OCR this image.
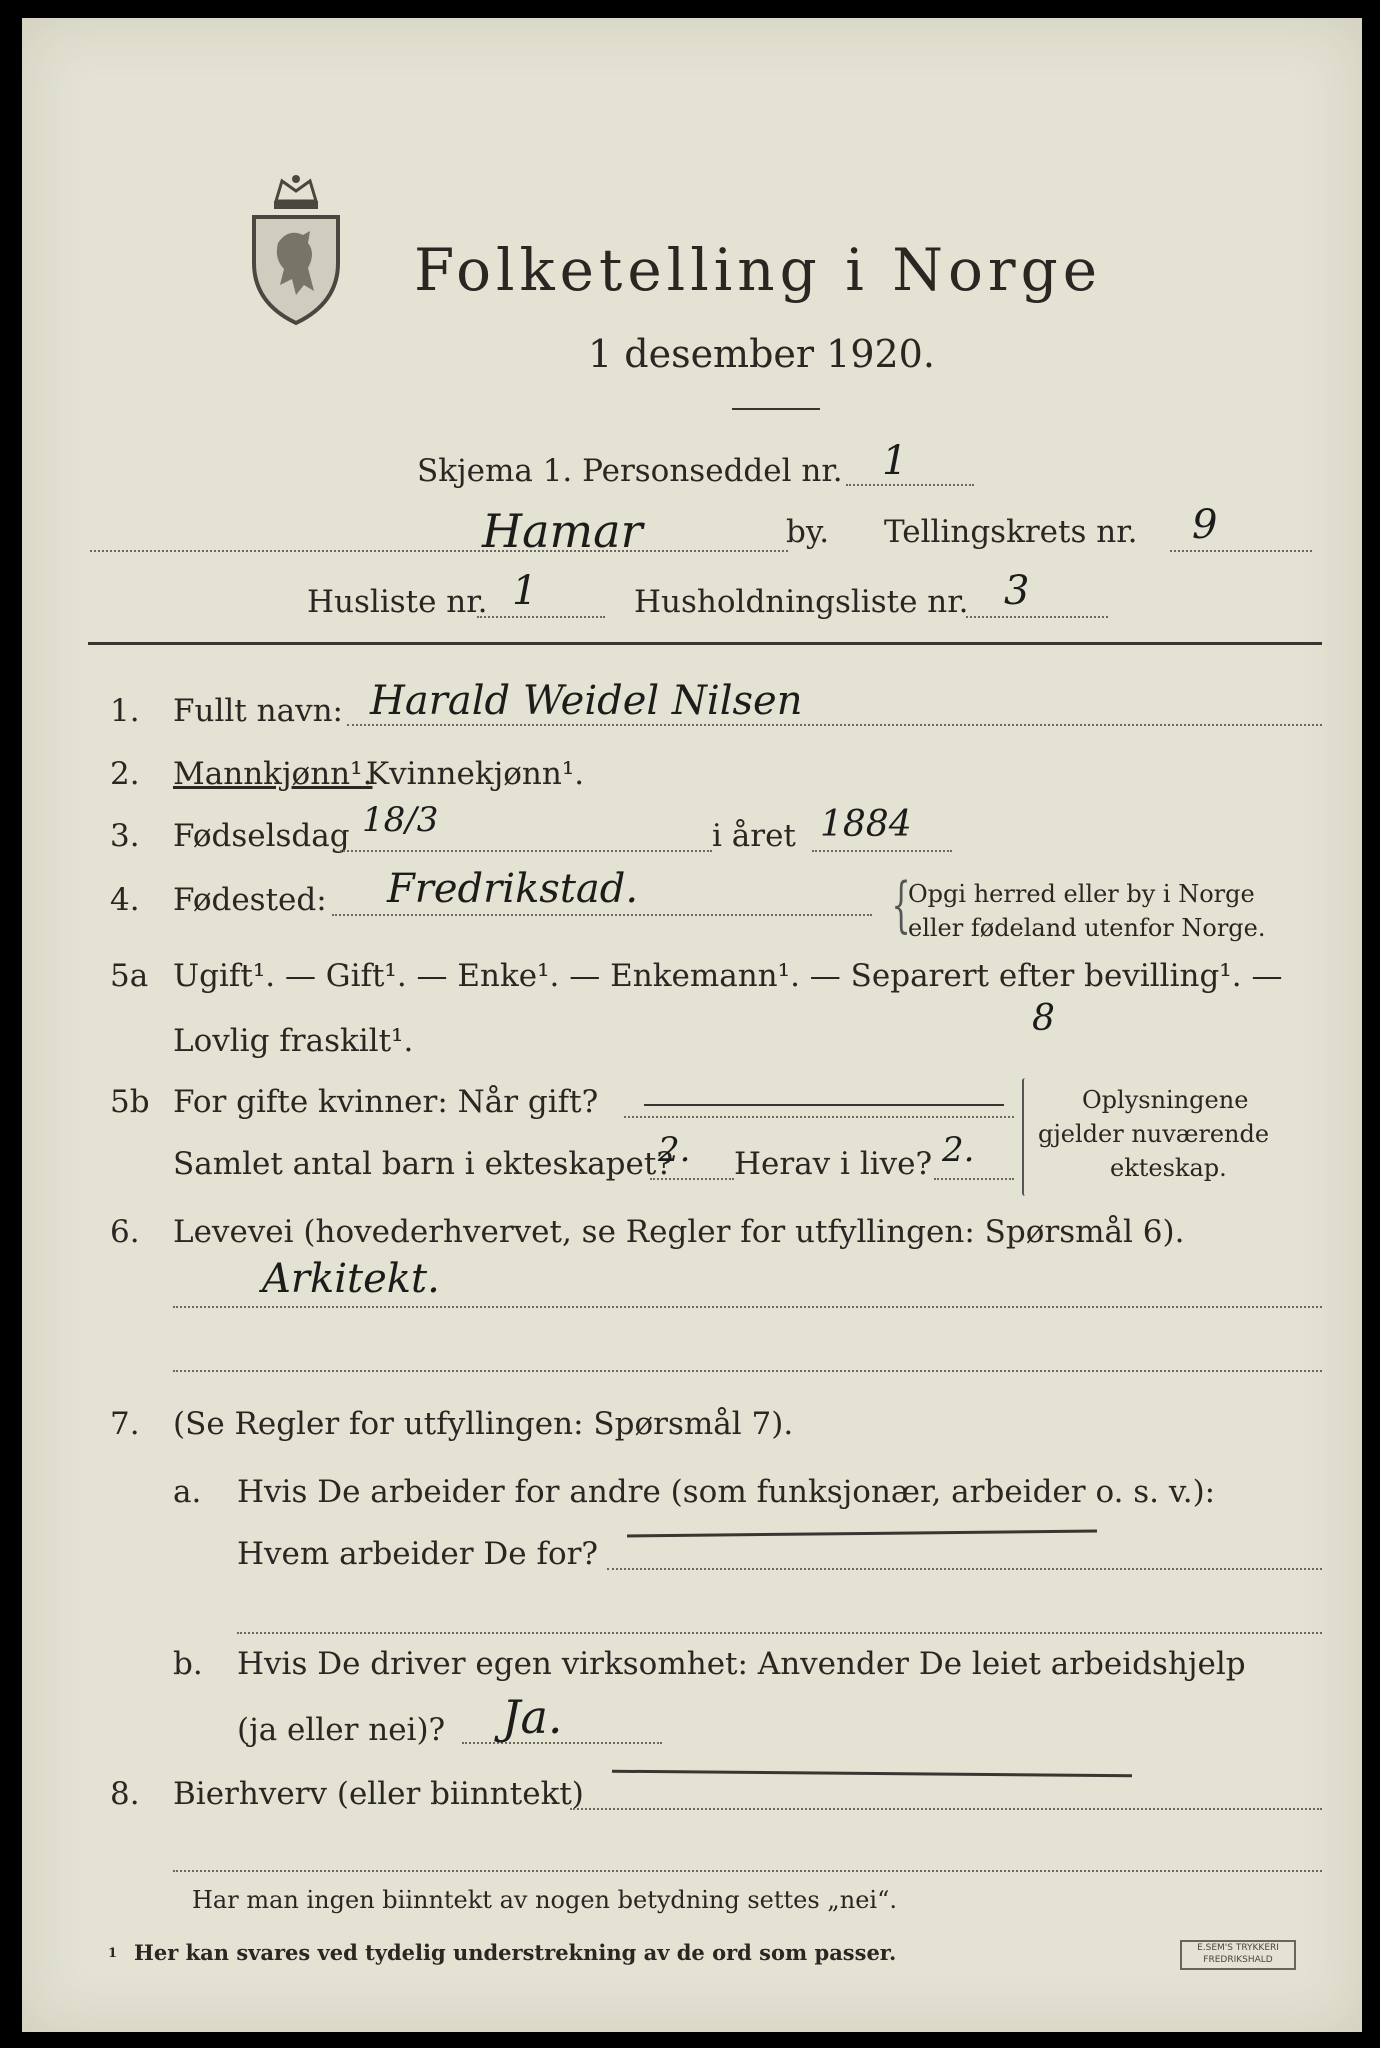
Folketelling i Norge
1 desember 1920.
Skjema 1. Personseddel nr. 1
Hamar	by. Tellingskrets nr. 9
Husliste nr. 1	Husholdningsliste nr. 3
1. Fullt navn: Harald Weidel Nilsen
2. Mannkjønn¹.
Kvinnekjønn¹.
3. Fødselsdag 18/3	i året 1884
4. Fødested: Fredrikstad.	{
Opgi herred eller by i Norge
eller fødeland utenfor Norge.
5a Ugift¹. — Gift¹. — Enke¹. — Enkemann¹. — Separert efter bevilling¹. —
Lovlig fraskilt¹.
8
5b For gifte kvinner: Når gift?
Samlet antal barn i ekteskapet?
2. Herav i live? 2.
Oplysningene
gjelder nuværende
ekteskap.
6. Levevei (hovederhvervet, se Regler for utfyllingen: Spørsmål 6).
Arkitekt.
7. (Se Regler for utfyllingen: Spørsmål 7).
a. Hvis De arbeider for andre (som funksjonær, arbeider o. s. v.):
Hvem arbeider De for?
b. Hvis De driver egen virksomhet: Anvender De leiet arbeidshjelp
(ja eller nei)? Ja.
8. Bierhverv (eller biinntekt)
Har man ingen biinntekt av nogen betydning settes „nei“.
1 Her kan svares ved tydelig understrekning av de ord som passer.	E.SEM'S TRYKKERI
FREDRIKSHALD
